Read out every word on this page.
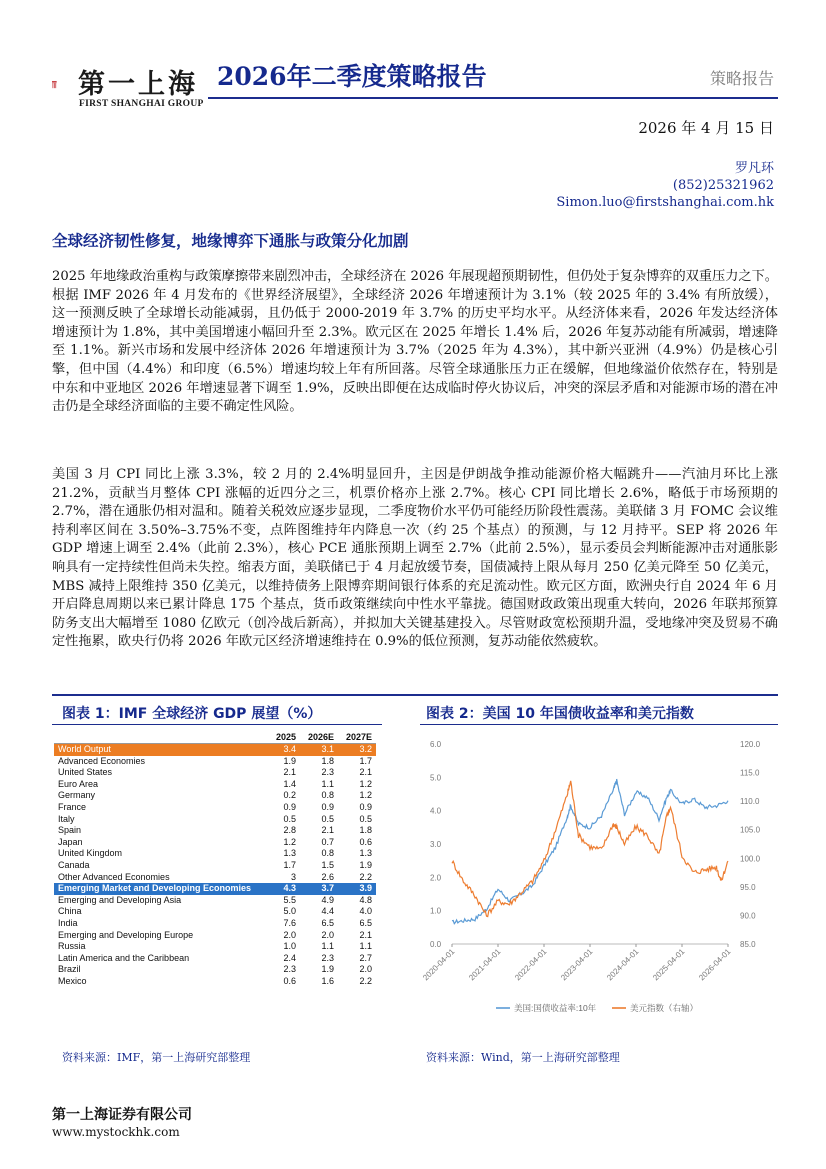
第一上海
FIRST SHANGHAI GROUP
2026年二季度策略报告	策略报告
2026 年 4 月 15 日
罗凡环
(852)25321962
Simon.luo@firstshanghai.com.hk
全球经济韧性修复，地缘博弈下通胀与政策分化加剧

2025 年地缘政治重构与政策摩擦带来剧烈冲击，全球经济在 2026 年展现超预期韧性，但仍处于复杂博弈的双重压力之下。根据 IMF 2026 年 4 月发布的《世界经济展望》，全球经济 2026 年增速预计为 3.1%（较 2025 年的 3.4% 有所放缓），这一预测反映了全球增长动能减弱，且仍低于 2000-2019 年 3.7% 的历史平均水平。从经济体来看，2026 年发达经济体增速预计为 1.8%，其中美国增速小幅回升至 2.3%。欧元区在 2025 年增长 1.4% 后，2026 年复苏动能有所减弱，增速降至 1.1%。新兴市场和发展中经济体 2026 年增速预计为 3.7%（2025 年为 4.3%），其中新兴亚洲（4.9%）仍是核心引擎，但中国（4.4%）和印度（6.5%）增速均较上年有所回落。尽管全球通胀压力正在缓解，但地缘溢价依然存在，特别是中东和中亚地区 2026 年增速显著下调至 1.9%，反映出即便在达成临时停火协议后，冲突的深层矛盾和对能源市场的潜在冲击仍是全球经济面临的主要不确定性风险。

美国 3 月 CPI 同比上涨 3.3%，较 2 月的 2.4%明显回升，主因是伊朗战争推动能源价格大幅跳升——汽油月环比上涨 21.2%，贡献当月整体 CPI 涨幅的近四分之三，机票价格亦上涨 2.7%。核心 CPI 同比增长 2.6%，略低于市场预期的 2.7%，潜在通胀仍相对温和。随着关税效应逐步显现，二季度物价水平仍可能经历阶段性震荡。美联储 3 月 FOMC 会议维持利率区间在 3.50%–3.75%不变，点阵图维持年内降息一次（约 25 个基点）的预测，与 12 月持平。SEP 将 2026 年 GDP 增速上调至 2.4%（此前 2.3%），核心 PCE 通胀预期上调至 2.7%（此前 2.5%），显示委员会判断能源冲击对通胀影响具有一定持续性但尚未失控。缩表方面，美联储已于 4 月起放缓节奏，国债减持上限从每月 250 亿美元降至 50 亿美元，MBS 减持上限维持 350 亿美元，以维持债务上限博弈期间银行体系的充足流动性。欧元区方面，欧洲央行自 2024 年 6 月开启降息周期以来已累计降息 175 个基点，货币政策继续向中性水平靠拢。德国财政政策出现重大转向，2026 年联邦预算防务支出大幅增至 1080 亿欧元（创冷战后新高），并拟加大关键基建投入。尽管财政宽松预期升温，受地缘冲突及贸易不确定性拖累，欧央行仍将 2026 年欧元区经济增速维持在 0.9%的低位预测，复苏动能依然疲软。

图表 1：IMF 全球经济 GDP 展望（%）
	2025	2026E	2027E
World Output	3.4	3.1	3.2
Advanced Economies	1.9	1.8	1.7
United States	2.1	2.3	2.1
Euro Area	1.4	1.1	1.2
Germany	0.2	0.8	1.2
France	0.9	0.9	0.9
Italy	0.5	0.5	0.5
Spain	2.8	2.1	1.8
Japan	1.2	0.7	0.6
United Kingdom	1.3	0.8	1.3
Canada	1.7	1.5	1.9
Other Advanced Economies	3	2.6	2.2
Emerging Market and Developing Economies	4.3	3.7	3.9
Emerging and Developing Asia	5.5	4.9	4.8
China	5.0	4.4	4.0
India	7.6	6.5	6.5
Emerging and Developing Europe	2.0	2.0	2.1
Russia	1.0	1.1	1.1
Latin America and the Caribbean	2.4	2.3	2.7
Brazil	2.3	1.9	2.0
Mexico	0.6	1.6	2.2
资料来源：IMF，第一上海研究部整理
图表 2：美国 10 年国债收益率和美元指数
0.0
1.0
2.0
3.0
4.0
5.0
6.0
85.0
90.0
95.0
100.0
105.0
110.0
115.0
120.0
2020-04-01 2021-04-01 2022-04-01 2023-04-01 2024-04-01 2025-04-01 2026-04-01
美国:国债收益率:10年	美元指数（右轴）
资料来源：Wind，第一上海研究部整理
第一上海证券有限公司
www.mystockhk.com
